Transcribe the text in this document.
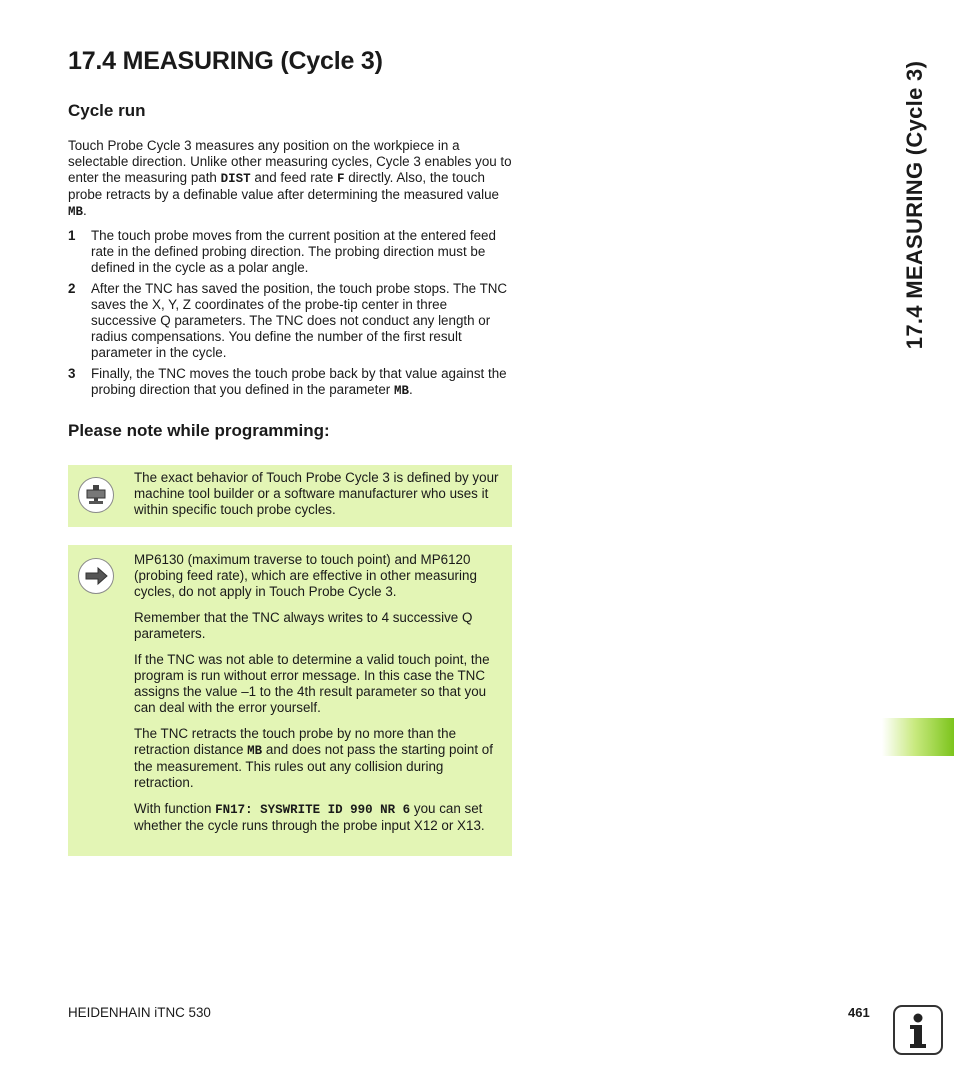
17.4 MEASURING (Cycle 3)	17.4 MEASURING (Cycle 3)
Cycle run

Touch Probe Cycle 3 measures any position on the workpiece in a selectable direction. Unlike other measuring cycles, Cycle 3 enables you to enter the measuring path DIST and feed rate F directly. Also, the touch probe retracts by a definable value after determining the measured value MB.

1	The touch probe moves from the current position at the entered feed rate in the defined probing direction. The probing direction must be defined in the cycle as a polar angle.
2	After the TNC has saved the position, the touch probe stops. The TNC saves the X, Y, Z coordinates of the probe-tip center in three successive Q parameters. The TNC does not conduct any length or radius compensations. You define the number of the first result parameter in the cycle.
3	Finally, the TNC moves the touch probe back by that value against the probing direction that you defined in the parameter MB.
Please note while programming:
The exact behavior of Touch Probe Cycle 3 is defined by your machine tool builder or a software manufacturer who uses it within specific touch probe cycles.

MP6130 (maximum traverse to touch point) and MP6120 (probing feed rate), which are effective in other measuring cycles, do not apply in Touch Probe Cycle 3.

Remember that the TNC always writes to 4 successive Q parameters.

If the TNC was not able to determine a valid touch point, the program is run without error message. In this case the TNC assigns the value –1 to the 4th result parameter so that you can deal with the error yourself.

The TNC retracts the touch probe by no more than the retraction distance MB and does not pass the starting point of the measurement. This rules out any collision during retraction.

With function FN17: SYSWRITE ID 990 NR 6 you can set whether the cycle runs through the probe input X12 or X13.

HEIDENHAIN iTNC 530	461
